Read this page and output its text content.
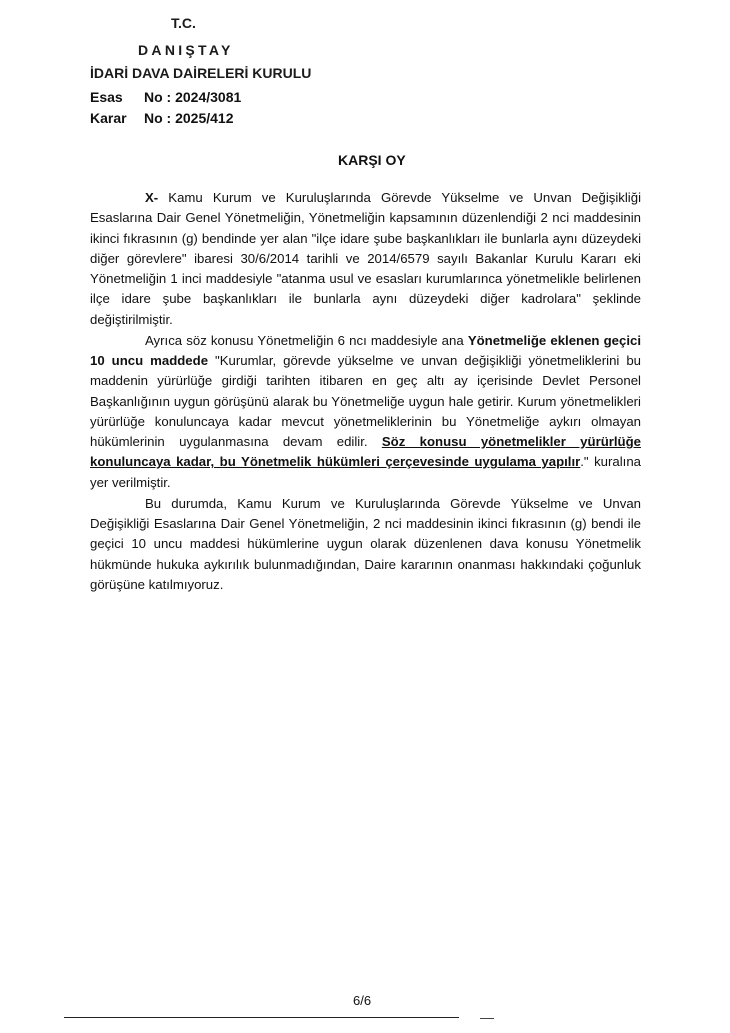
T.C.
DANIŞTAY
İDARİ DAVA DAİRELERİ KURULU
Esas No : 2024/3081
Karar No : 2025/412
KARŞI OY

X- Kamu Kurum ve Kuruluşlarında Görevde Yükselme ve Unvan Değişikliği Esaslarına Dair Genel Yönetmeliğin, Yönetmeliğin kapsamının düzenlendiği 2 nci maddesinin ikinci fıkrasının (g) bendinde yer alan "ilçe idare şube başkanlıkları ile bunlarla aynı düzeydeki diğer görevlere" ibaresi 30/6/2014 tarihli ve 2014/6579 sayılı Bakanlar Kurulu Kararı eki Yönetmeliğin 1 inci maddesiyle "atanma usul ve esasları kurumlarınca yönetmelikle belirlenen ilçe idare şube başkanlıkları ile bunlarla aynı düzeydeki diğer kadrolara" şeklinde değiştirilmiştir.

Ayrıca söz konusu Yönetmeliğin 6 ncı maddesiyle ana Yönetmeliğe eklenen geçici 10 uncu maddede "Kurumlar, görevde yükselme ve unvan değişikliği yönetmeliklerini bu maddenin yürürlüğe girdiği tarihten itibaren en geç altı ay içerisinde Devlet Personel Başkanlığının uygun görüşünü alarak bu Yönetmeliğe uygun hale getirir. Kurum yönetmelikleri yürürlüğe konuluncaya kadar mevcut yönetmeliklerinin bu Yönetmeliğe aykırı olmayan hükümlerinin uygulanmasına devam edilir. Söz konusu yönetmelikler yürürlüğe konuluncaya kadar, bu Yönetmelik hükümleri çerçevesinde uygulama yapılır." kuralına yer verilmiştir.

Bu durumda, Kamu Kurum ve Kuruluşlarında Görevde Yükselme ve Unvan Değişikliği Esaslarına Dair Genel Yönetmeliğin, 2 nci maddesinin ikinci fıkrasının (g) bendi ile geçici 10 uncu maddesi hükümlerine uygun olarak düzenlenen dava konusu Yönetmelik hükmünde hukuka aykırılık bulunmadığından, Daire kararının onanması hakkındaki çoğunluk görüşüne katılmıyoruz.

6/6
